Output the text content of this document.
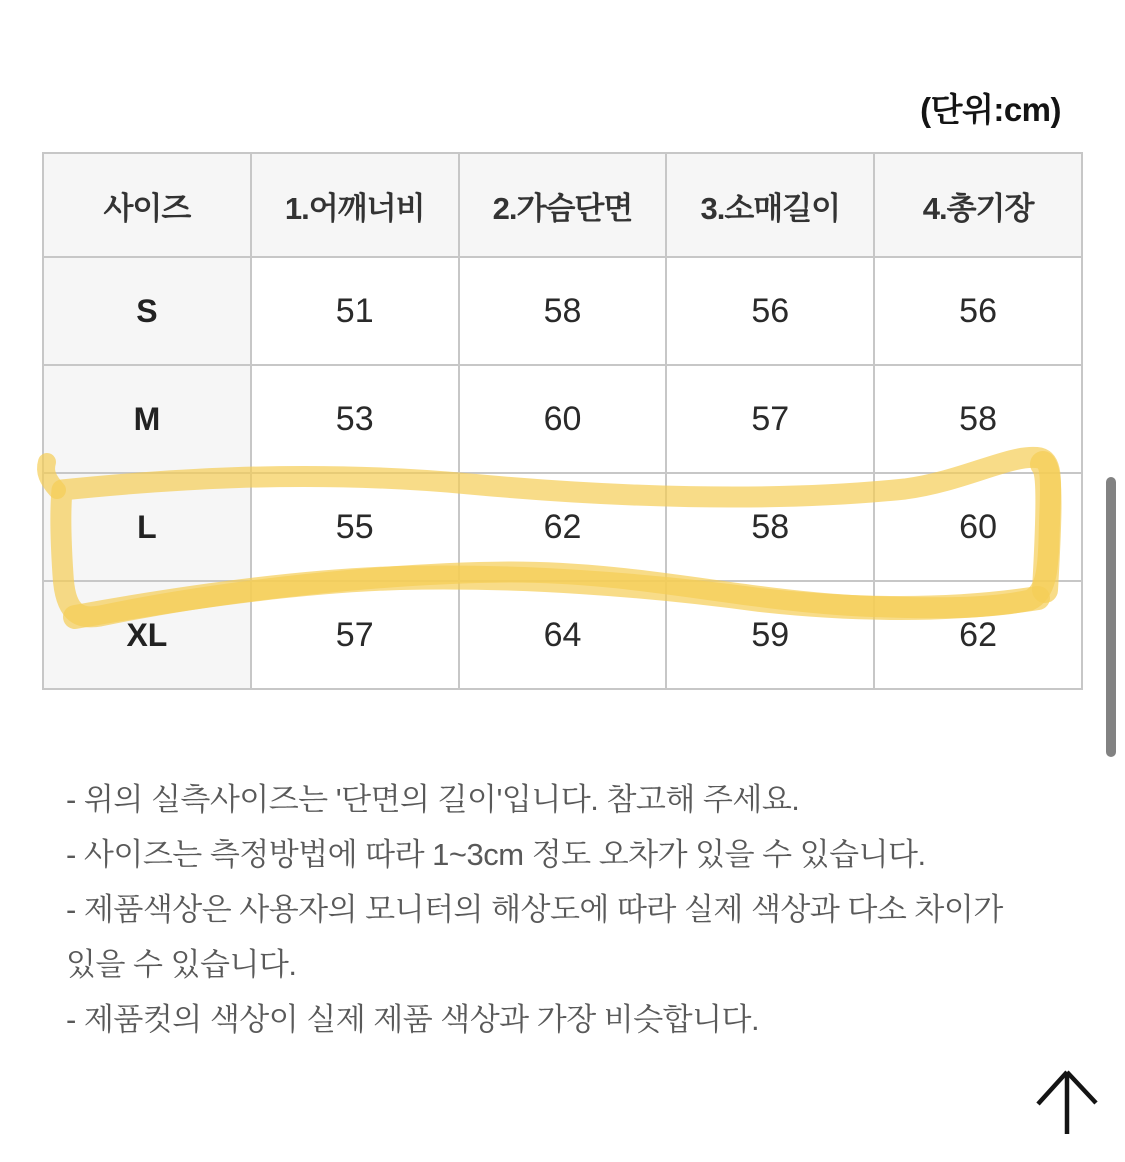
(단위:cm)
사이즈	1.어깨너비	2.가슴단면	3.소매길이	4.총기장
S	51	58	56	56
M	53	60	57	58
L	55	62	58	60
XL	57	64	59	62

- 위의 실측사이즈는 '단면의 길이'입니다. 참고해 주세요.

- 사이즈는 측정방법에 따라 1~3cm 정도 오차가 있을 수 있습니다.

- 제품색상은 사용자의 모니터의 해상도에 따라 실제 색상과 다소 차이가 있을 수 있습니다.

- 제품컷의 색상이 실제 제품 색상과 가장 비슷합니다.
